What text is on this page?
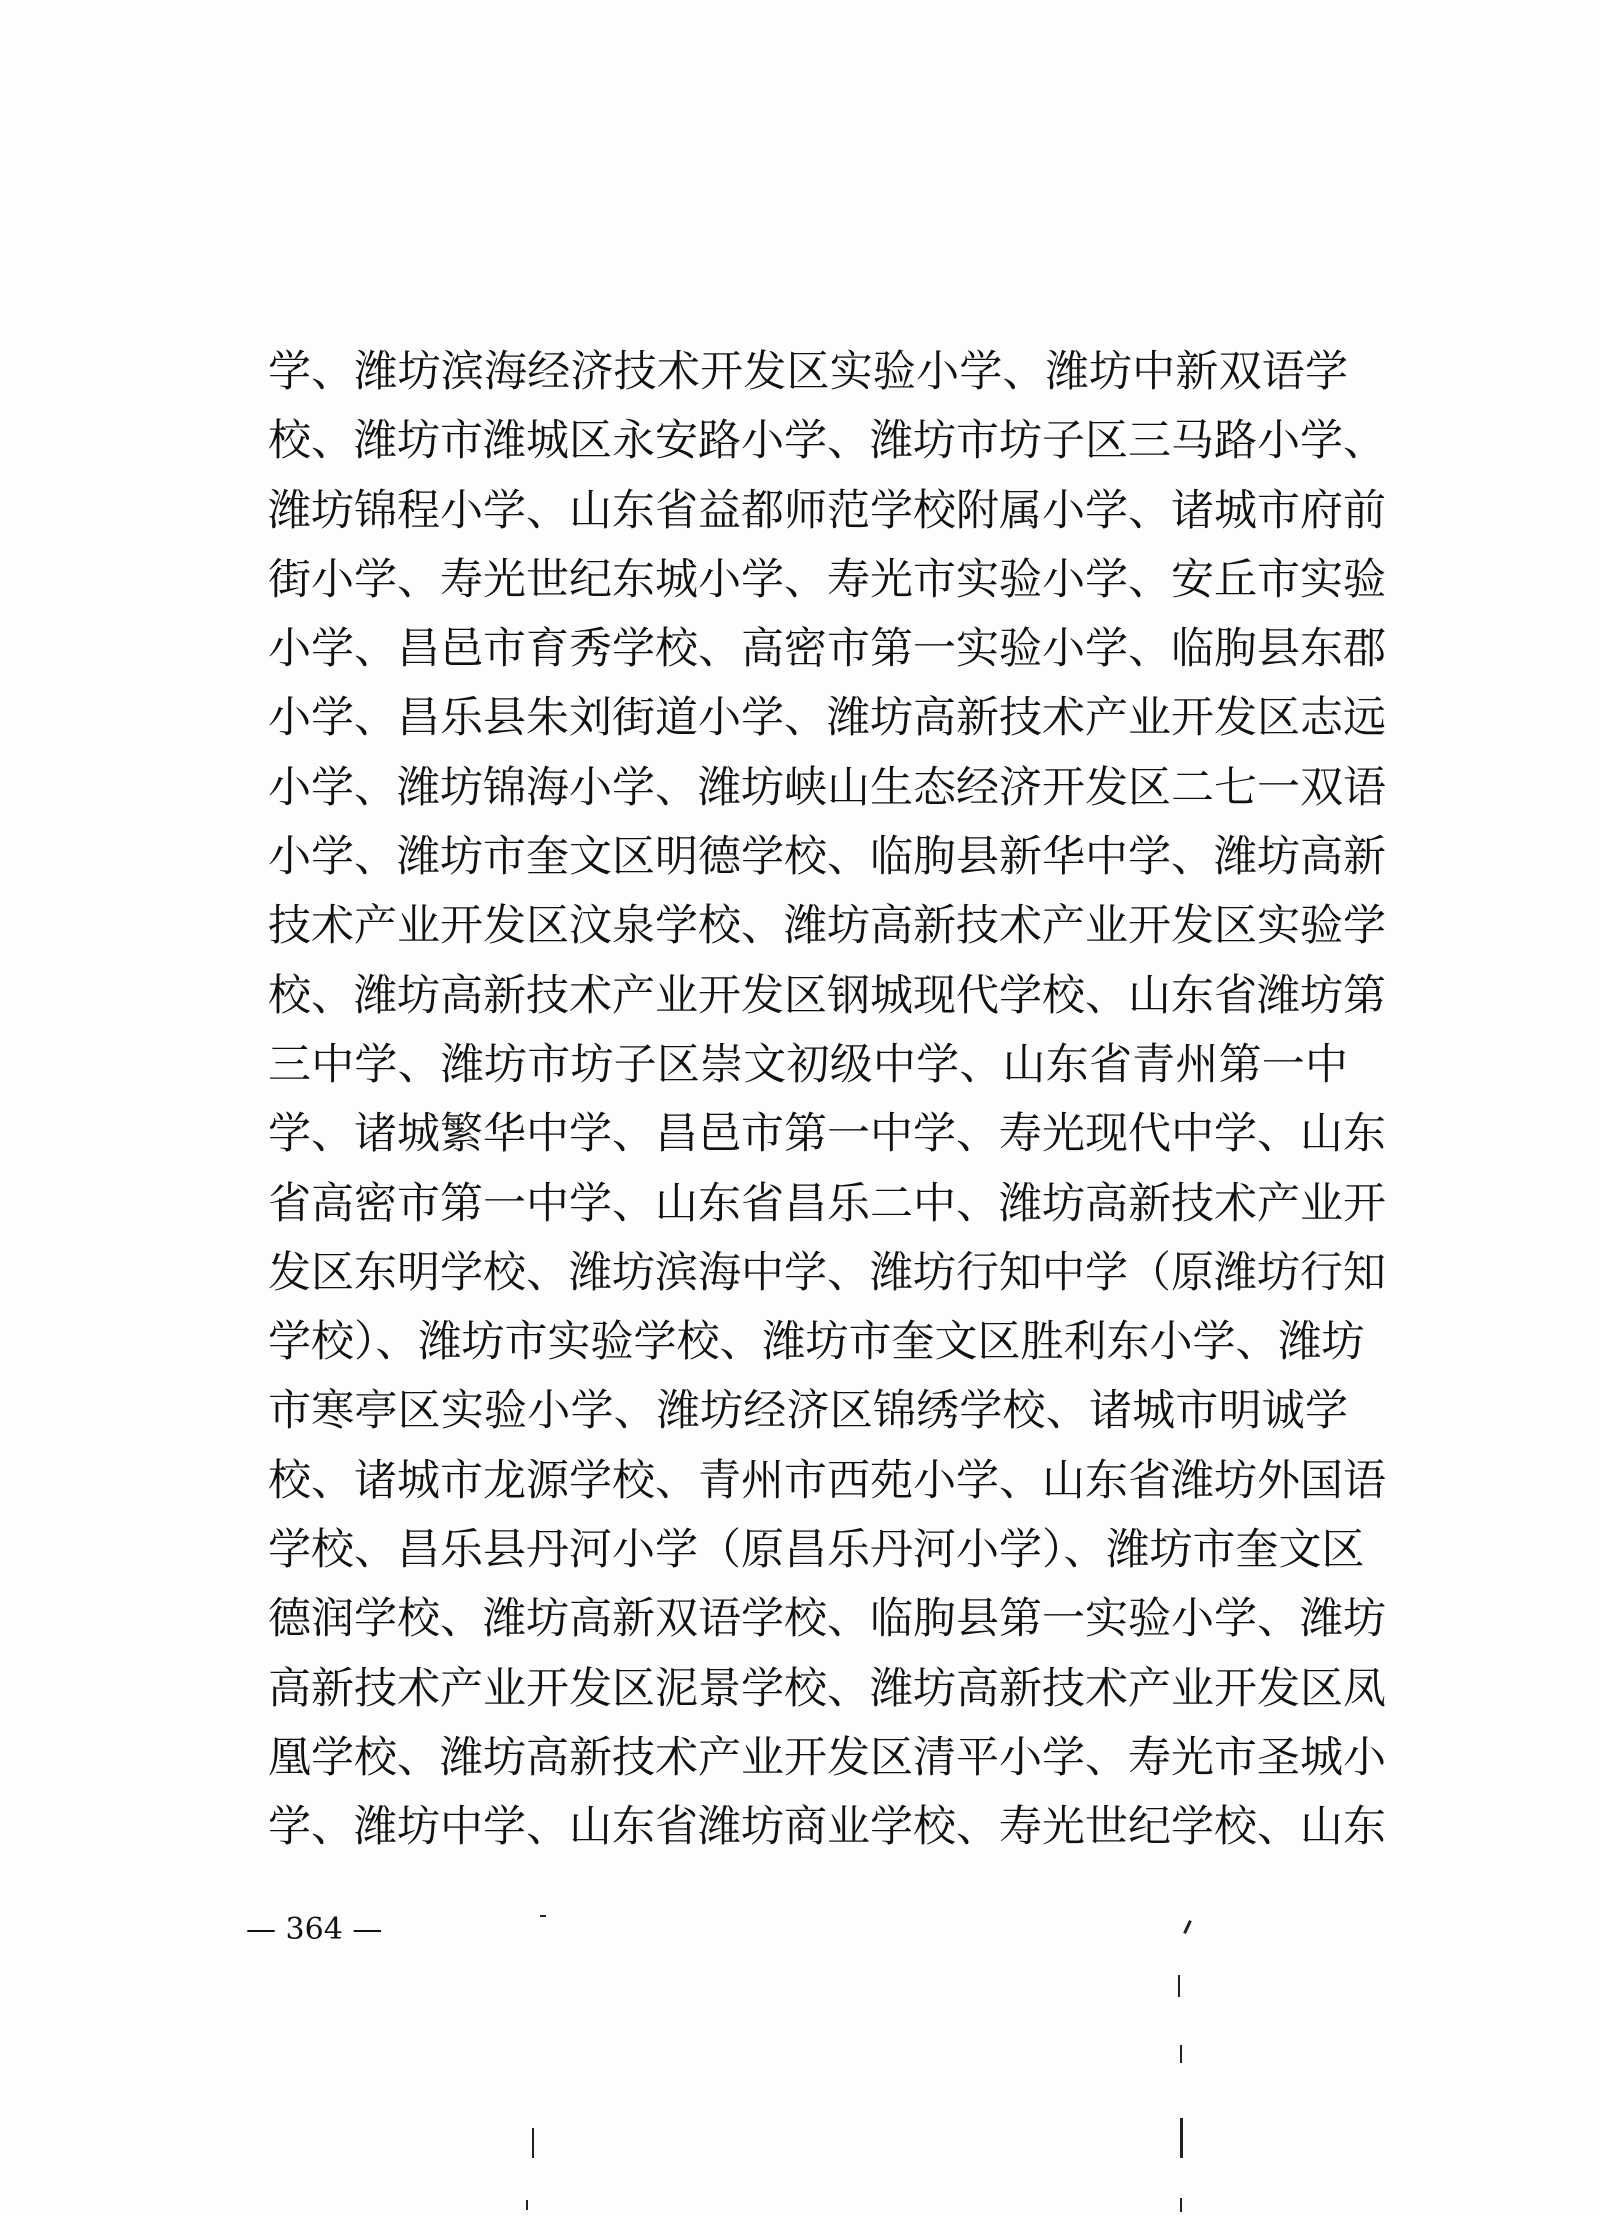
学、潍坊滨海经济技术开发区实验小学、潍坊中新双语学
校、潍坊市潍城区永安路小学、潍坊市坊子区三马路小学、
潍坊锦程小学、山东省益都师范学校附属小学、诸城市府前
街小学、寿光世纪东城小学、寿光市实验小学、安丘市实验
小学、昌邑市育秀学校、高密市第一实验小学、临朐县东郡
小学、昌乐县朱刘街道小学、潍坊高新技术产业开发区志远
小学、潍坊锦海小学、潍坊峡山生态经济开发区二七一双语
小学、潍坊市奎文区明德学校、临朐县新华中学、潍坊高新
技术产业开发区汶泉学校、潍坊高新技术产业开发区实验学
校、潍坊高新技术产业开发区钢城现代学校、山东省潍坊第
三中学、潍坊市坊子区崇文初级中学、山东省青州第一中
学、诸城繁华中学、昌邑市第一中学、寿光现代中学、山东
省高密市第一中学、山东省昌乐二中、潍坊高新技术产业开
发区东明学校、潍坊滨海中学、潍坊行知中学（原潍坊行知
学校）、潍坊市实验学校、潍坊市奎文区胜利东小学、潍坊
市寒亭区实验小学、潍坊经济区锦绣学校、诸城市明诚学
校、诸城市龙源学校、青州市西苑小学、山东省潍坊外国语
学校、昌乐县丹河小学（原昌乐丹河小学）、潍坊市奎文区
德润学校、潍坊高新双语学校、临朐县第一实验小学、潍坊
高新技术产业开发区泥景学校、潍坊高新技术产业开发区凤
凰学校、潍坊高新技术产业开发区清平小学、寿光市圣城小
学、潍坊中学、山东省潍坊商业学校、寿光世纪学校、山东
— 364 —
